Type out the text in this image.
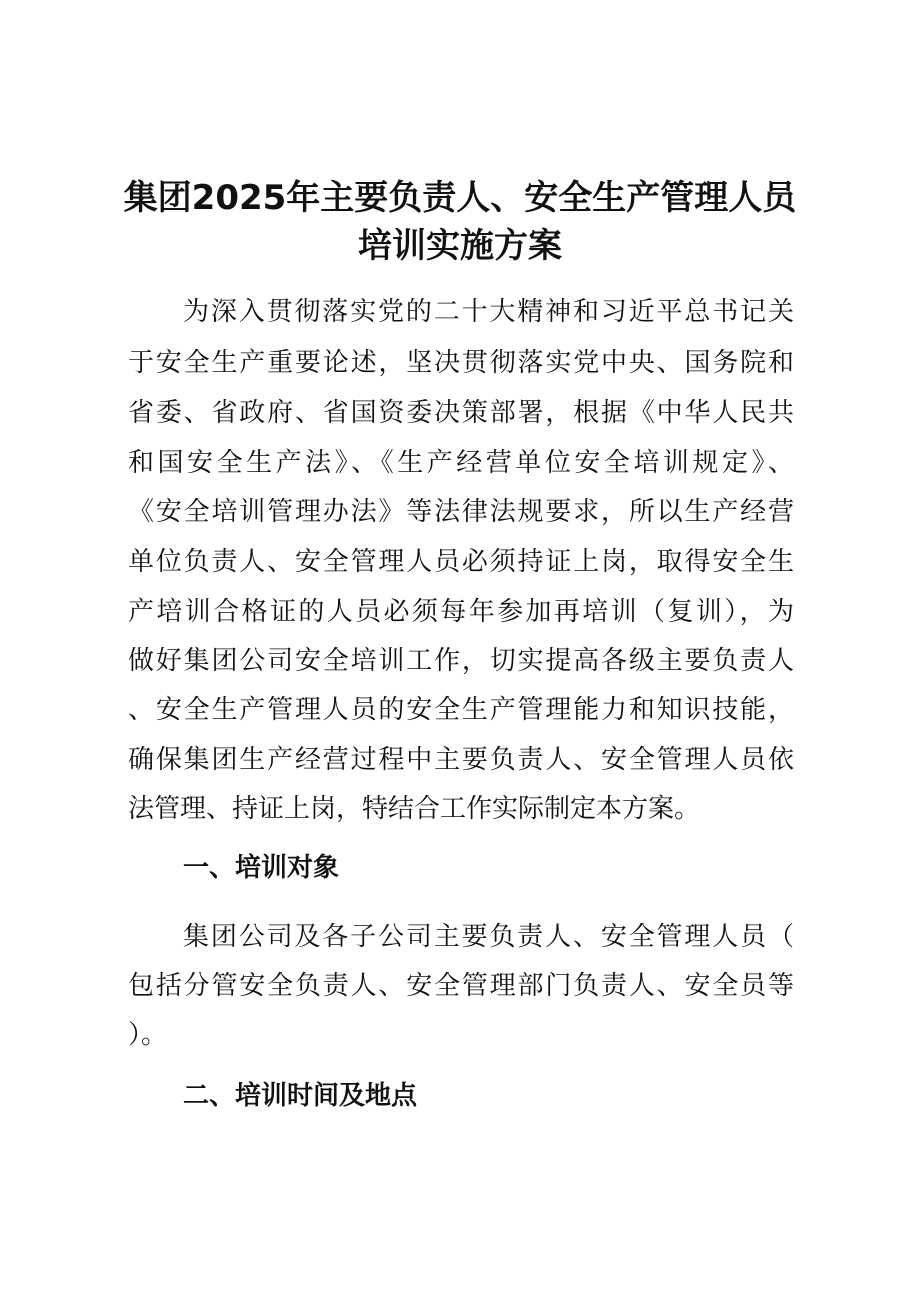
集团2025年主要负责人、安全生产管理人员
培训实施方案
为深入贯彻落实党的二十大精神和习近平总书记关
于安全生产重要论述，坚决贯彻落实党中央、国务院和
省委、省政府、省国资委决策部署，根据《中华人民共
和国安全生产法》、《生产经营单位安全培训规定》、
《安全培训管理办法》等法律法规要求，所以生产经营
单位负责人、安全管理人员必须持证上岗，取得安全生
产培训合格证的人员必须每年参加再培训（复训），为
做好集团公司安全培训工作，切实提高各级主要负责人
、安全生产管理人员的安全生产管理能力和知识技能，
确保集团生产经营过程中主要负责人、安全管理人员依
法管理、持证上岗，特结合工作实际制定本方案。
一、培训对象
集团公司及各子公司主要负责人、安全管理人员（
包括分管安全负责人、安全管理部门负责人、安全员等
）。
二、培训时间及地点
